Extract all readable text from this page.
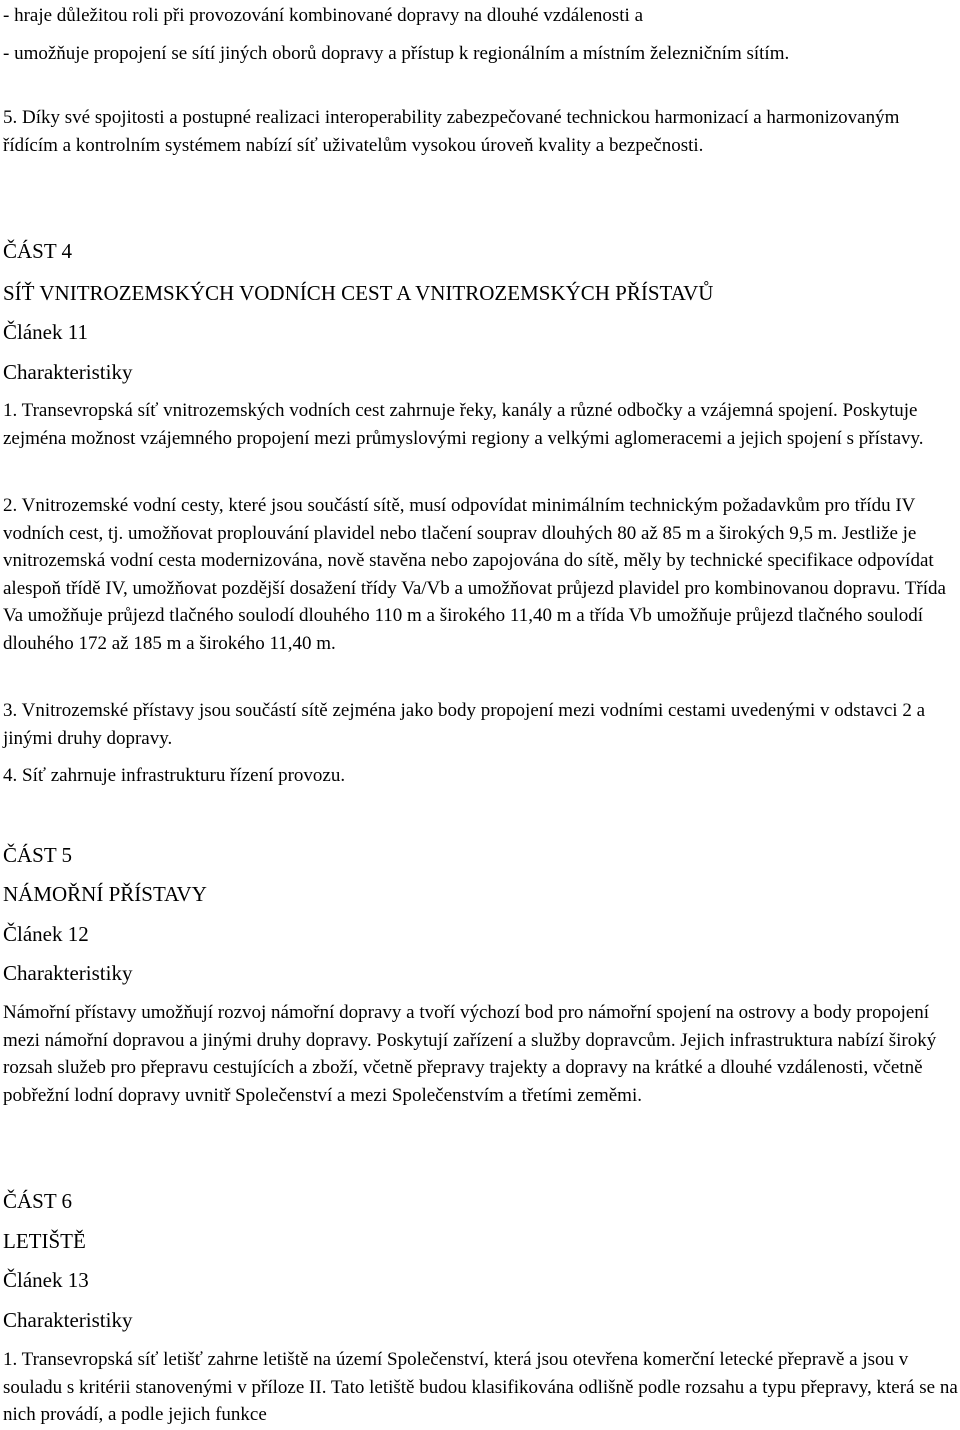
- hraje důležitou roli při provozování kombinované dopravy na dlouhé vzdálenosti a

- umožňuje propojení se sítí jiných oborů dopravy a přístup k regionálním a místním železničním sítím.

5. Díky své spojitosti a postupné realizaci interoperability zabezpečované technickou harmonizací a harmonizovaným řídícím a kontrolním systémem nabízí síť uživatelům vysokou úroveň kvality a bezpečnosti.

ČÁST 4
SÍŤ VNITROZEMSKÝCH VODNÍCH CEST A VNITROZEMSKÝCH PŘÍSTAVŮ
Článek 11
Charakteristiky

1. Transevropská síť vnitrozemských vodních cest zahrnuje řeky, kanály a různé odbočky a vzájemná spojení. Poskytuje zejména možnost vzájemného propojení mezi průmyslovými regiony a velkými aglomeracemi a jejich spojení s přístavy.

2. Vnitrozemské vodní cesty, které jsou součástí sítě, musí odpovídat minimálním technickým požadavkům pro třídu IV vodních cest, tj. umožňovat proplouvání plavidel nebo tlačení souprav dlouhých 80 až 85 m a širokých 9,5 m. Jestliže je vnitrozemská vodní cesta modernizována, nově stavěna nebo zapojována do sítě, měly by technické specifikace odpovídat alespoň třídě IV, umožňovat pozdější dosažení třídy Va/Vb a umožňovat průjezd plavidel pro kombinovanou dopravu. Třída Va umožňuje průjezd tlačného soulodí dlouhého 110 m a širokého 11,40 m a třída Vb umožňuje průjezd tlačného soulodí dlouhého 172 až 185 m a širokého 11,40 m.

3. Vnitrozemské přístavy jsou součástí sítě zejména jako body propojení mezi vodními cestami uvedenými v odstavci 2 a jinými druhy dopravy.

4. Síť zahrnuje infrastrukturu řízení provozu.

ČÁST 5
NÁMOŘNÍ PŘÍSTAVY
Článek 12
Charakteristiky

Námořní přístavy umožňují rozvoj námořní dopravy a tvoří výchozí bod pro námořní spojení na ostrovy a body propojení mezi námořní dopravou a jinými druhy dopravy. Poskytují zařízení a služby dopravcům. Jejich infrastruktura nabízí široký rozsah služeb pro přepravu cestujících a zboží, včetně přepravy trajekty a dopravy na krátké a dlouhé vzdálenosti, včetně pobřežní lodní dopravy uvnitř Společenství a mezi Společenstvím a třetími zeměmi.

ČÁST 6
LETIŠTĚ
Článek 13
Charakteristiky

1. Transevropská síť letišť zahrne letiště na území Společenství, která jsou otevřena komerční letecké přepravě a jsou v souladu s kritérii stanovenými v příloze II. Tato letiště budou klasifikována odlišně podle rozsahu a typu přepravy, která se na nich provádí, a podle jejich funkce
